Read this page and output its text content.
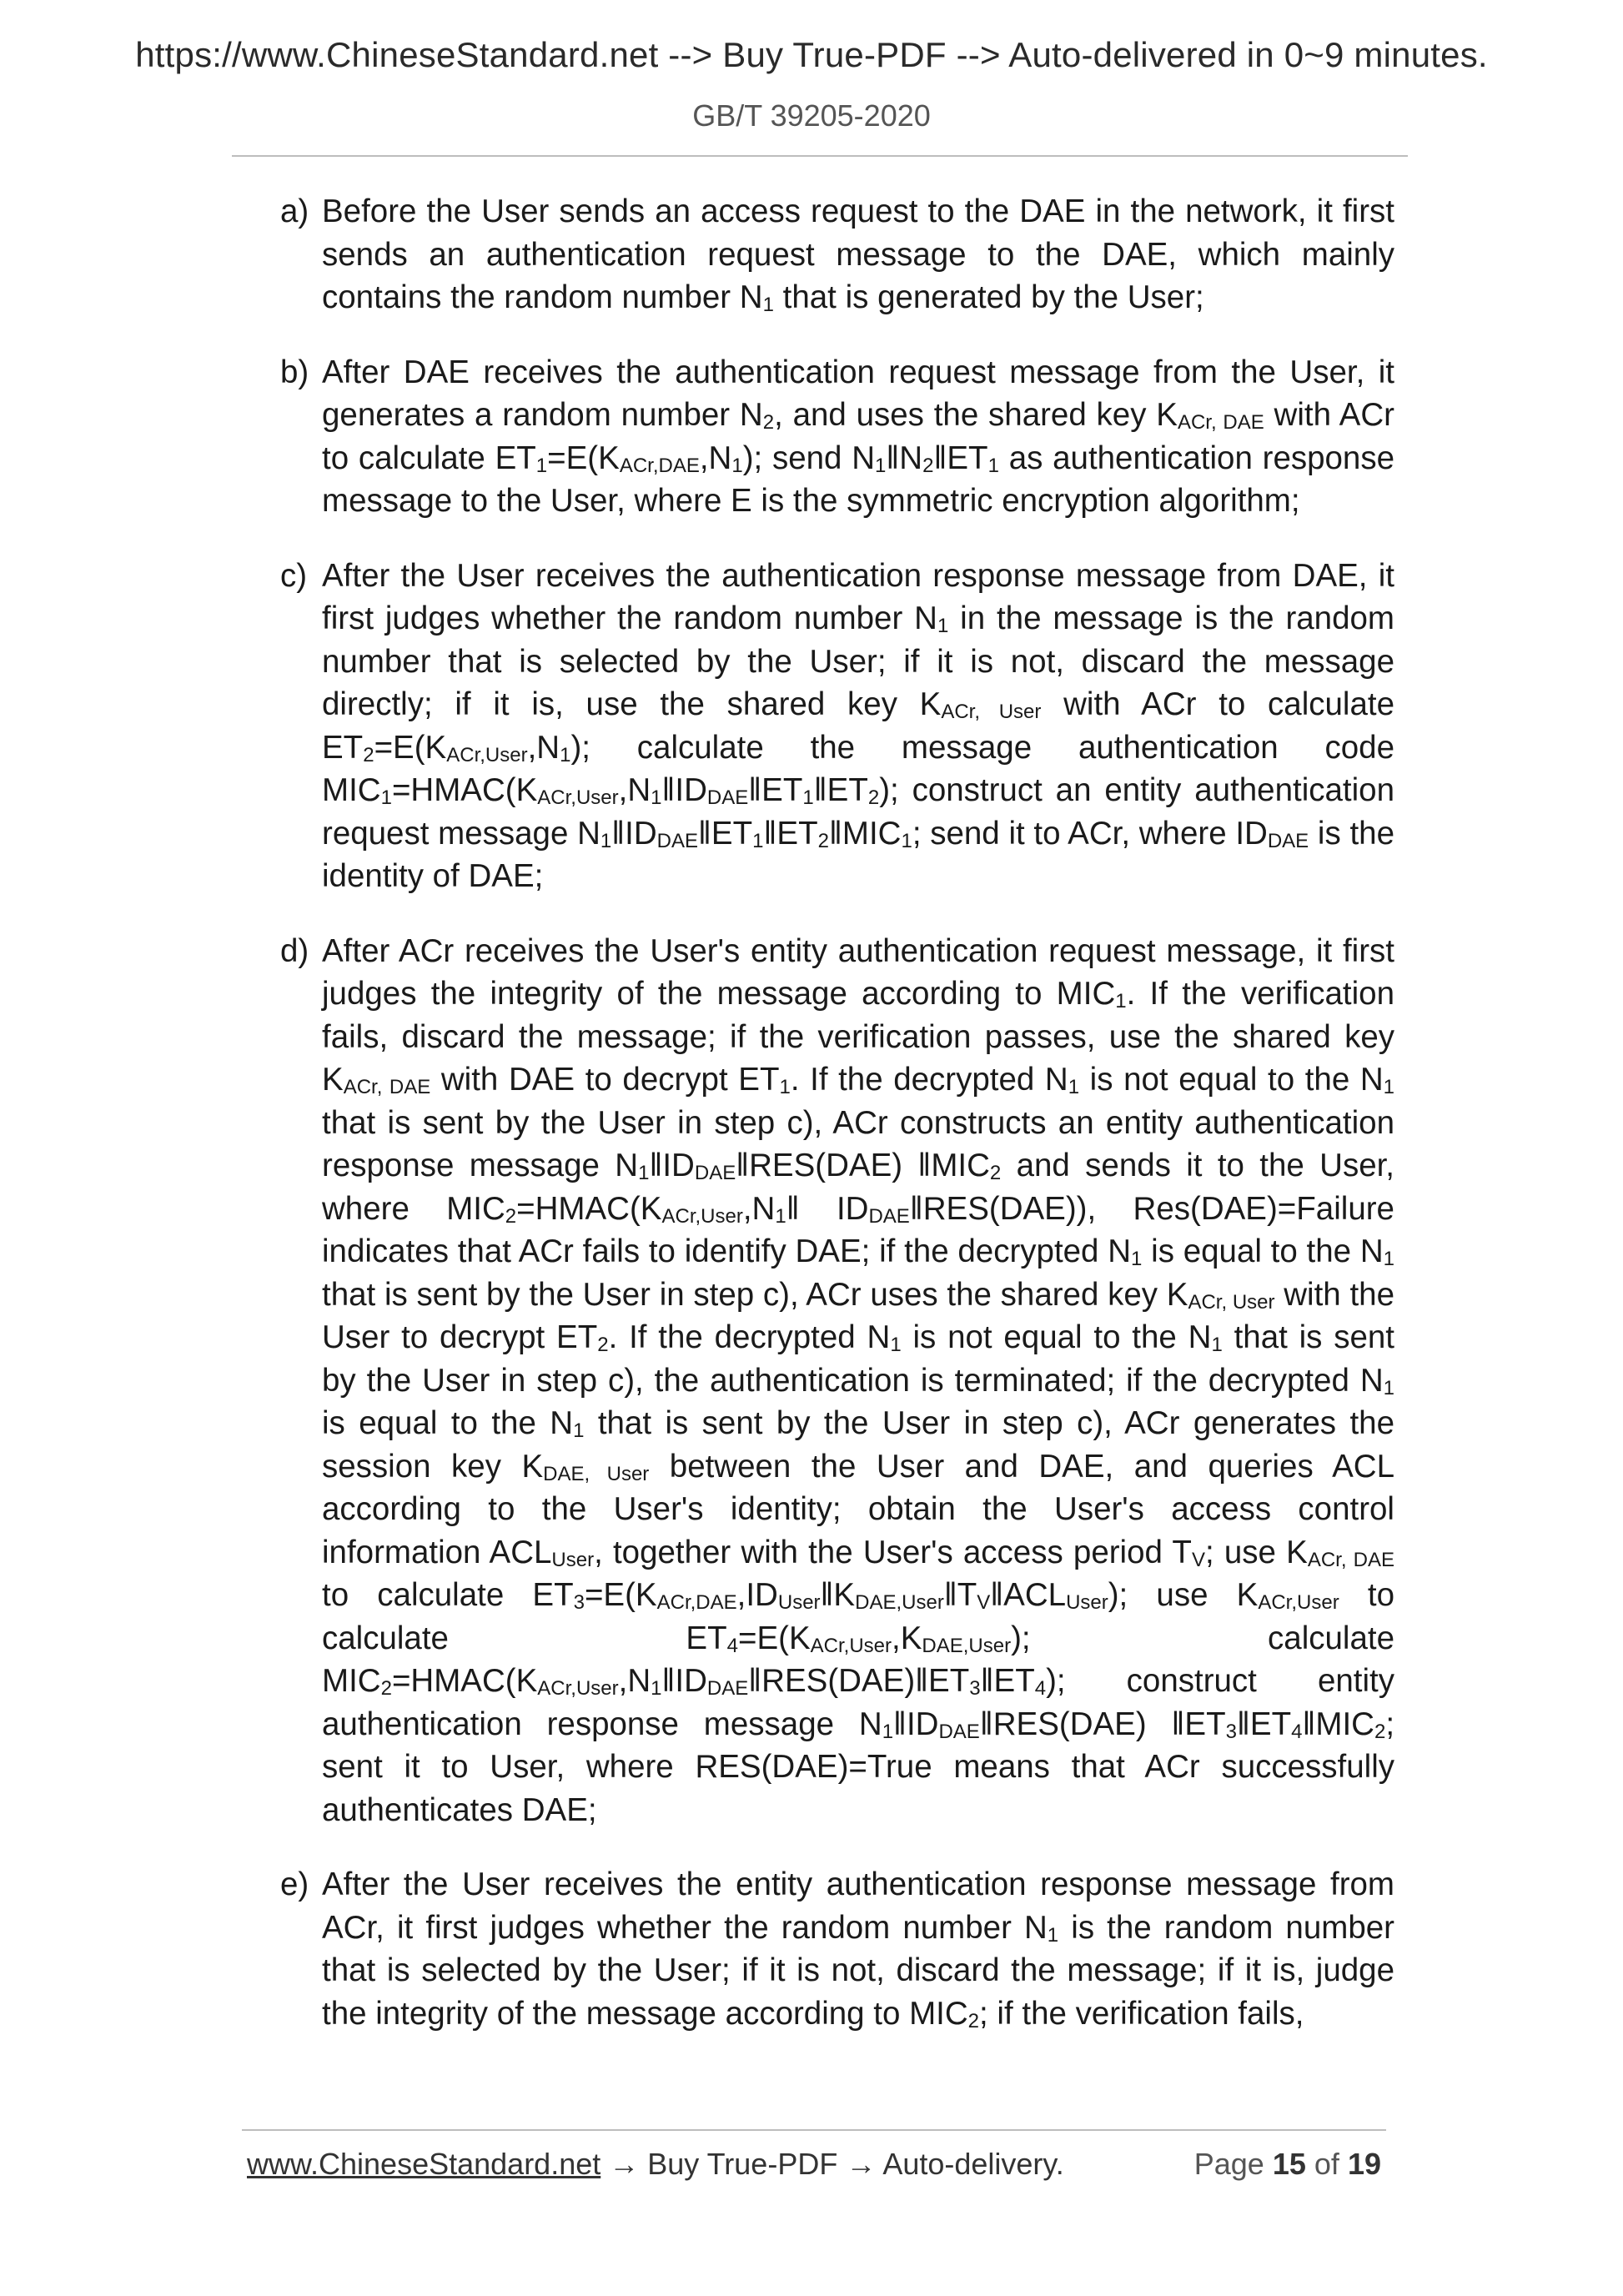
https://www.ChineseStandard.net --> Buy True-PDF --> Auto-delivered in 0~9 minutes.
GB/T 39205-2020
a) Before the User sends an access request to the DAE in the network, it first sends an authentication request message to the DAE, which mainly contains the random number $N_1$ that is generated by the User;
b) After DAE receives the authentication request message from the User, it generates a random number $N_2$, and uses the shared key $K_{ACr, DAE}$ with ACr to calculate $ET_1=E(K_{ACr,DAE},N_1)$; send $N_1‖N_2‖ET_1$ as authentication response message to the User, where E is the symmetric encryption algorithm;
c) After the User receives the authentication response message from DAE, it first judges whether the random number $N_1$ in the message is the random number that is selected by the User; if it is not, discard the message directly; if it is, use the shared key $K_{ACr, User}$ with ACr to calculate $ET_2=E(K_{ACr,User},N_1)$; calculate the message authentication code $MIC_1=HMAC(K_{ACr,User},N_1‖ID_{DAE}‖ET_1‖ET_2)$; construct an entity authentication request message $N_1‖ID_{DAE}‖ET_1‖ET_2‖MIC_1$; send it to ACr, where $ID_{DAE}$ is the identity of DAE;
d) After ACr receives the User's entity authentication request message, it first judges the integrity of the message according to $MIC_1$. If the verification fails, discard the message; if the verification passes, use the shared key $K_{ACr, DAE}$ with DAE to decrypt $ET_1$. If the decrypted $N_1$ is not equal to the $N_1$ that is sent by the User in step c), ACr constructs an entity authentication response message $N_1‖ID_{DAE}‖RES(DAE)$ $‖MIC_2$ and sends it to the User, where $MIC_2=HMAC(K_{ACr,User},N_1‖$ $ID_{DAE}‖RES(DAE)$), Res(DAE)=Failure indicates that ACr fails to identify DAE; if the decrypted $N_1$ is equal to the $N_1$ that is sent by the User in step c), ACr uses the shared key $K_{ACr, User}$ with the User to decrypt $ET_2$. If the decrypted $N_1$ is not equal to the $N_1$ that is sent by the User in step c), the authentication is terminated; if the decrypted $N_1$ is equal to the $N_1$ that is sent by the User in step c), ACr generates the session key $K_{DAE, User}$ between the User and DAE, and queries ACL according to the User's identity; obtain the User's access control information $ACL_{User}$, together with the User's access period $T_V$; use $K_{ACr, DAE}$ to calculate $ET_3=E(K_{ACr,DAE},ID_{User}‖K_{DAE,User}‖T_V‖ACL_{User})$; use $K_{ACr,User}$ to calculate $ET_4=E(K_{ACr,User},K_{DAE,User})$; calculate $MIC_2=HMAC(K_{ACr,User},N_1‖ID_{DAE}‖RES(DAE)‖ET_3‖ET_4)$; construct entity authentication response message $N_1‖ID_{DAE}‖RES(DAE)$ $‖ET_3‖ET_4‖MIC_2$; sent it to User, where RES(DAE)=True means that ACr successfully authenticates DAE;
e) After the User receives the entity authentication response message from ACr, it first judges whether the random number $N_1$ is the random number that is selected by the User; if it is not, discard the message; if it is, judge the integrity of the message according to $MIC_2$; if the verification fails,
www.ChineseStandard.net → Buy True-PDF → Auto-delivery.	Page 15 of 19
